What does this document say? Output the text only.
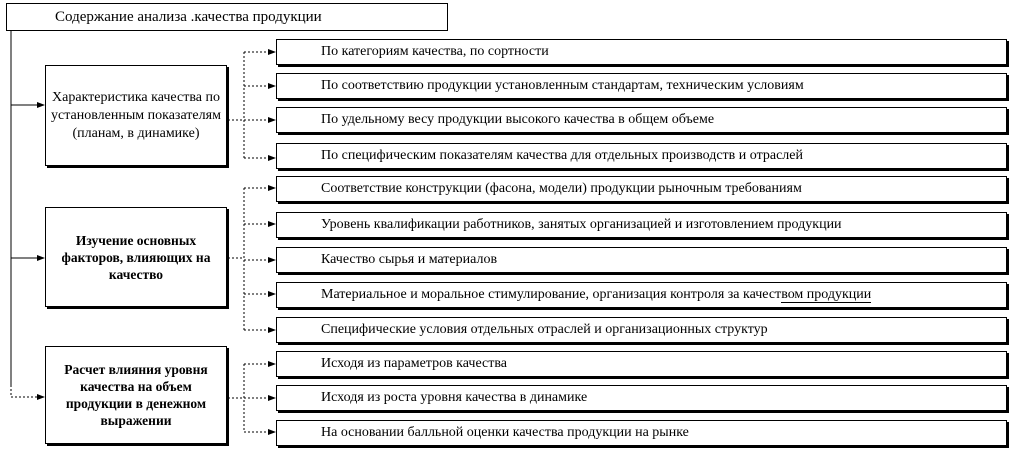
Содержание анализа .качества продукции
Характеристика качества по установленным показателям (планам, в динамике)
Изучение основных факторов, влияющих на качество
Расчет влияния уровня качества на объем продукции в денежном выражении
По категориям качества, по сортности
По соответствию продукции установленным стандартам, техническим условиям
По удельному весу продукции высокого качества в общем объеме
По специфическим показателям качества для отдельных производств и отраслей
Соответствие конструкции (фасона, модели) продукции рыночным требованиям
Уровень квалификации работников, занятых организацией и изготовлением продукции
Качество сырья и материалов
Материальное и моральное стимулирование, организация контроля за качеством продукции
Специфические условия отдельных отраслей и организационных структур
Исходя из параметров качества
Исходя из роста уровня качества в динамике
На основании балльной оценки качества продукции на рынке
